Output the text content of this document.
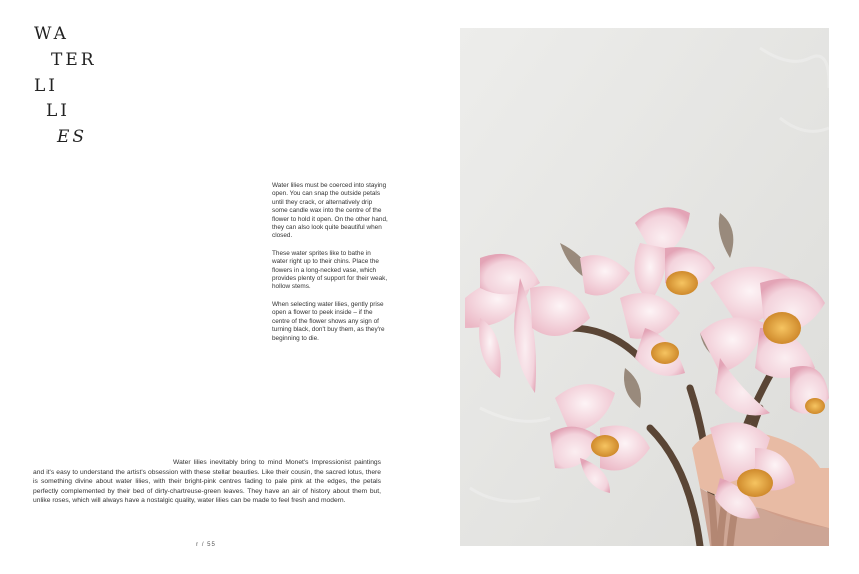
WA
TER
LI
LI
ES

Water lilies must be coerced into staying open. You can snap the outside petals until they crack, or alternatively drip some candle wax into the centre of the flower to hold it open. On the other hand, they can also look quite beautiful when closed.

These water sprites like to bathe in water right up to their chins. Place the flowers in a long-necked vase, which provides plenty of support for their weak, hollow stems.

When selecting water lilies, gently prise open a flower to peek inside – if the centre of the flower shows any sign of turning black, don't buy them, as they're beginning to die.

Water lilies inevitably bring to mind Monet's Impressionist paintings and it's easy to understand the artist's obsession with these stellar beauties. Like their cousin, the sacred lotus, there is something divine about water lilies, with their bright-pink centres fading to pale pink at the edges, the petals perfectly complemented by their bed of dirty-chartreuse-green leaves. They have an air of history about them but, unlike roses, which will always have a nostalgic quality, water lilies can be made to feel fresh and modern.
r / 55
